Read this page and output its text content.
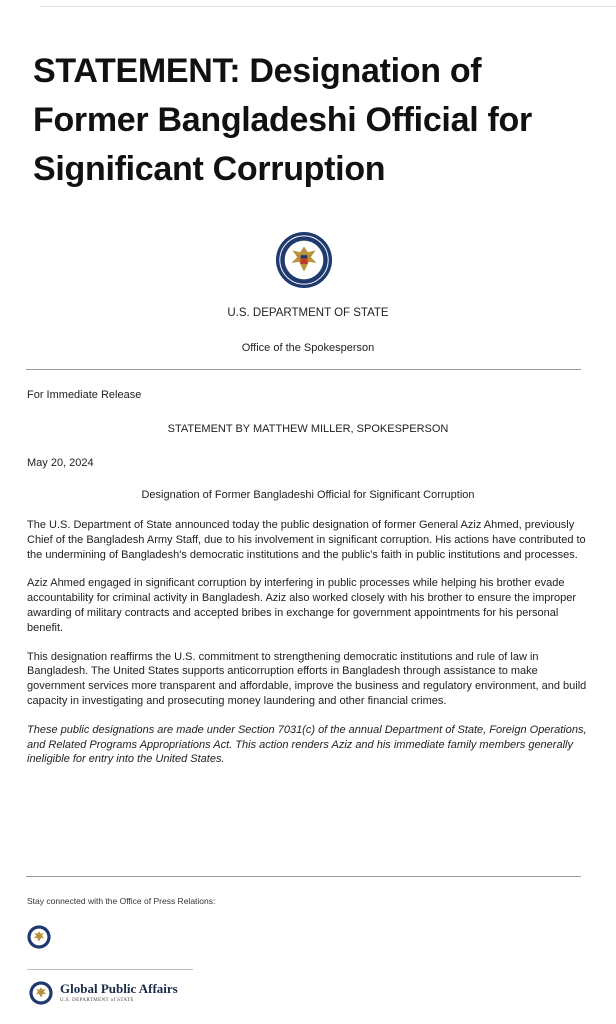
STATEMENT: Designation of Former Bangladeshi Official for Significant Corruption
U.S. DEPARTMENT OF STATE
Office of the Spokesperson
For Immediate Release
STATEMENT BY MATTHEW MILLER, SPOKESPERSON
May 20, 2024
Designation of Former Bangladeshi Official for Significant Corruption

The U.S. Department of State announced today the public designation of former General Aziz Ahmed, previously Chief of the Bangladesh Army Staff, due to his involvement in significant corruption. His actions have contributed to the undermining of Bangladesh's democratic institutions and the public's faith in public institutions and processes.

Aziz Ahmed engaged in significant corruption by interfering in public processes while helping his brother evade accountability for criminal activity in Bangladesh. Aziz also worked closely with his brother to ensure the improper awarding of military contracts and accepted bribes in exchange for government appointments for his personal benefit.

This designation reaffirms the U.S. commitment to strengthening democratic institutions and rule of law in Bangladesh. The United States supports anticorruption efforts in Bangladesh through assistance to make government services more transparent and affordable, improve the business and regulatory environment, and build capacity in investigating and prosecuting money laundering and other financial crimes.

These public designations are made under Section 7031(c) of the annual Department of State, Foreign Operations, and Related Programs Appropriations Act. This action renders Aziz and his immediate family members generally ineligible for entry into the United States.

Stay connected with the Office of Press Relations:
Global Public Affairs
U.S. DEPARTMENT of STATE
